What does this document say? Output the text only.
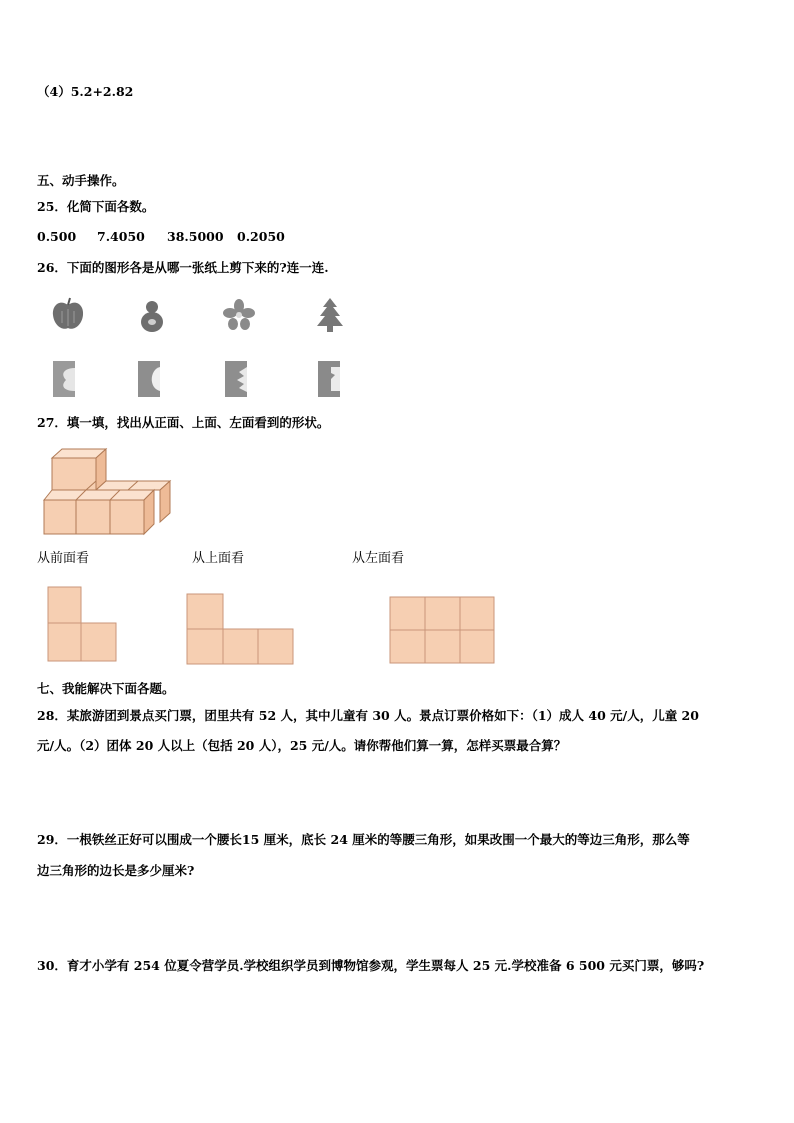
（4）5.2+2.82
五、动手操作。
25．化简下面各数。
0.500 7.4050 38.5000 0.2050
26．下面的图形各是从哪一张纸上剪下来的?连一连.
27．填一填，找出从正面、上面、左面看到的形状。
从前面看	从上面看	从左面看
七、我能解决下面各题。
28．某旅游团到景点买门票，团里共有 52 人，其中儿童有 30 人。景点订票价格如下：（1）成人 40 元/人，儿童 20
元/人。（2）团体 20 人以上（包括 20 人），25 元/人。请你帮他们算一算，怎样买票最合算？
29．一根铁丝正好可以围成一个腰长15 厘米，底长 24 厘米的等腰三角形，如果改围一个最大的等边三角形，那么等
边三角形的边长是多少厘米?
30．育才小学有 254 位夏令营学员.学校组织学员到博物馆参观，学生票每人 25 元.学校准备 6 500 元买门票，够吗?
